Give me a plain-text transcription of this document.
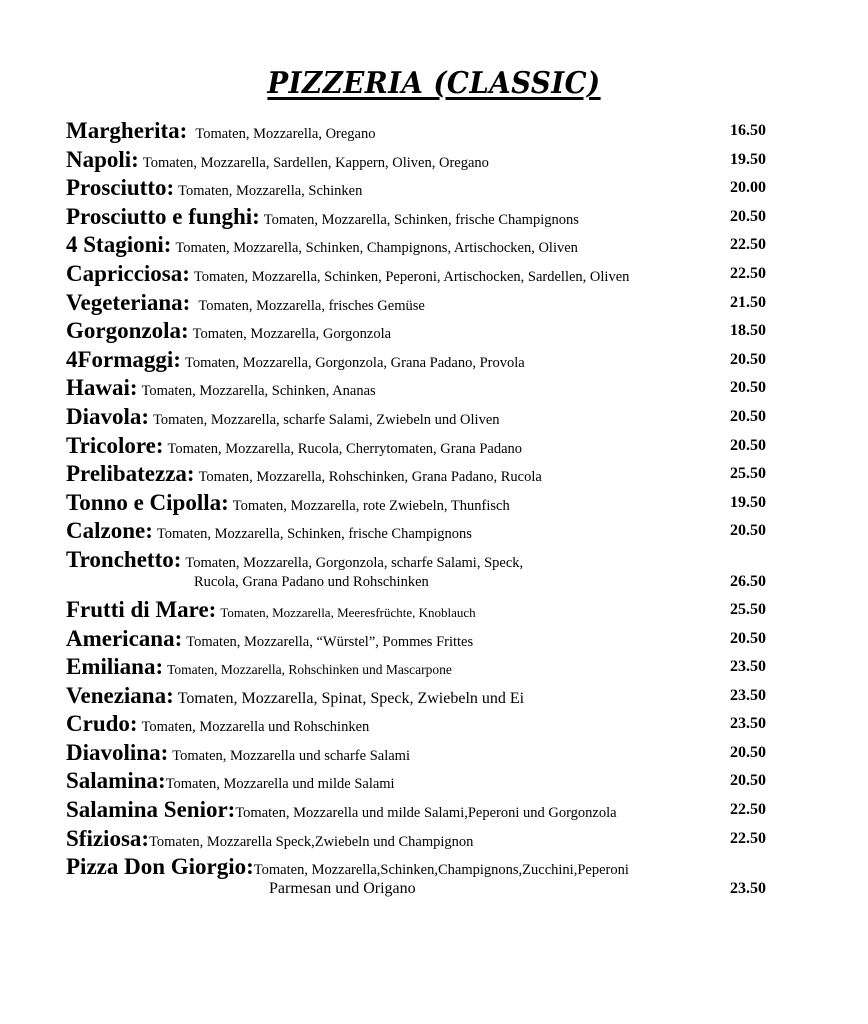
PIZZERIA (CLASSIC)
Margherita: Tomaten, Mozzarella, Oregano	16.50
Napoli: Tomaten, Mozzarella, Sardellen, Kappern, Oliven, Oregano	19.50
Prosciutto: Tomaten, Mozzarella, Schinken	20.00
Prosciutto e funghi: Tomaten, Mozzarella, Schinken, frische Champignons	20.50
4 Stagioni: Tomaten, Mozzarella, Schinken, Champignons, Artischocken, Oliven	22.50
Capricciosa: Tomaten, Mozzarella, Schinken, Peperoni, Artischocken, Sardellen, Oliven	22.50
Vegeteriana: Tomaten, Mozzarella, frisches Gemüse	21.50
Gorgonzola: Tomaten, Mozzarella, Gorgonzola	18.50
4Formaggi: Tomaten, Mozzarella, Gorgonzola, Grana Padano, Provola	20.50
Hawai: Tomaten, Mozzarella, Schinken, Ananas	20.50
Diavola: Tomaten, Mozzarella, scharfe Salami, Zwiebeln und Oliven	20.50
Tricolore: Tomaten, Mozzarella, Rucola, Cherrytomaten, Grana Padano	20.50
Prelibatezza: Tomaten, Mozzarella, Rohschinken, Grana Padano, Rucola	25.50
Tonno e Cipolla: Tomaten, Mozzarella, rote Zwiebeln, Thunfisch	19.50
Calzone: Tomaten, Mozzarella, Schinken, frische Champignons	20.50
Tronchetto: Tomaten, Mozzarella, Gorgonzola, scharfe Salami, Speck,
Rucola, Grana Padano und Rohschinken	26.50
Frutti di Mare: Tomaten, Mozzarella, Meeresfrüchte, Knoblauch	25.50
Americana: Tomaten, Mozzarella, “Würstel”, Pommes Frittes	20.50
Emiliana: Tomaten, Mozzarella, Rohschinken und Mascarpone	23.50
Veneziana: Tomaten, Mozzarella, Spinat, Speck, Zwiebeln und Ei	23.50
Crudo: Tomaten, Mozzarella und Rohschinken	23.50
Diavolina: Tomaten, Mozzarella und scharfe Salami	20.50
Salamina:Tomaten, Mozzarella und milde Salami	20.50
Salamina Senior:Tomaten, Mozzarella und milde Salami,Peperoni und Gorgonzola	22.50
Sfiziosa:Tomaten, Mozzarella Speck,Zwiebeln und Champignon	22.50
Pizza Don Giorgio:Tomaten, Mozzarella,Schinken,Champignons,Zucchini,Peperoni
Parmesan und Origano	23.50
